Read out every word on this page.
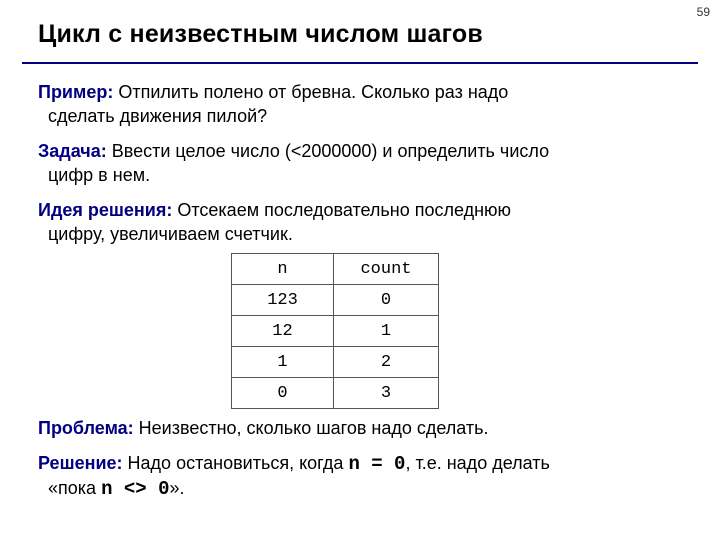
59
Цикл с неизвестным числом шагов
Пример: Отпилить полено от бревна. Сколько раз надо
сделать движения пилой?
Задача: Ввести целое число (<2000000) и определить число
цифр в нем.
Идея решения: Отсекаем последовательно последнюю
цифру, увеличиваем счетчик.
n	count
123	0
12	1
1	2
0	3
Проблема: Неизвестно, сколько шагов надо сделать.
Решение: Надо остановиться, когда n = 0, т.е. надо делать
«пока n <> 0».
